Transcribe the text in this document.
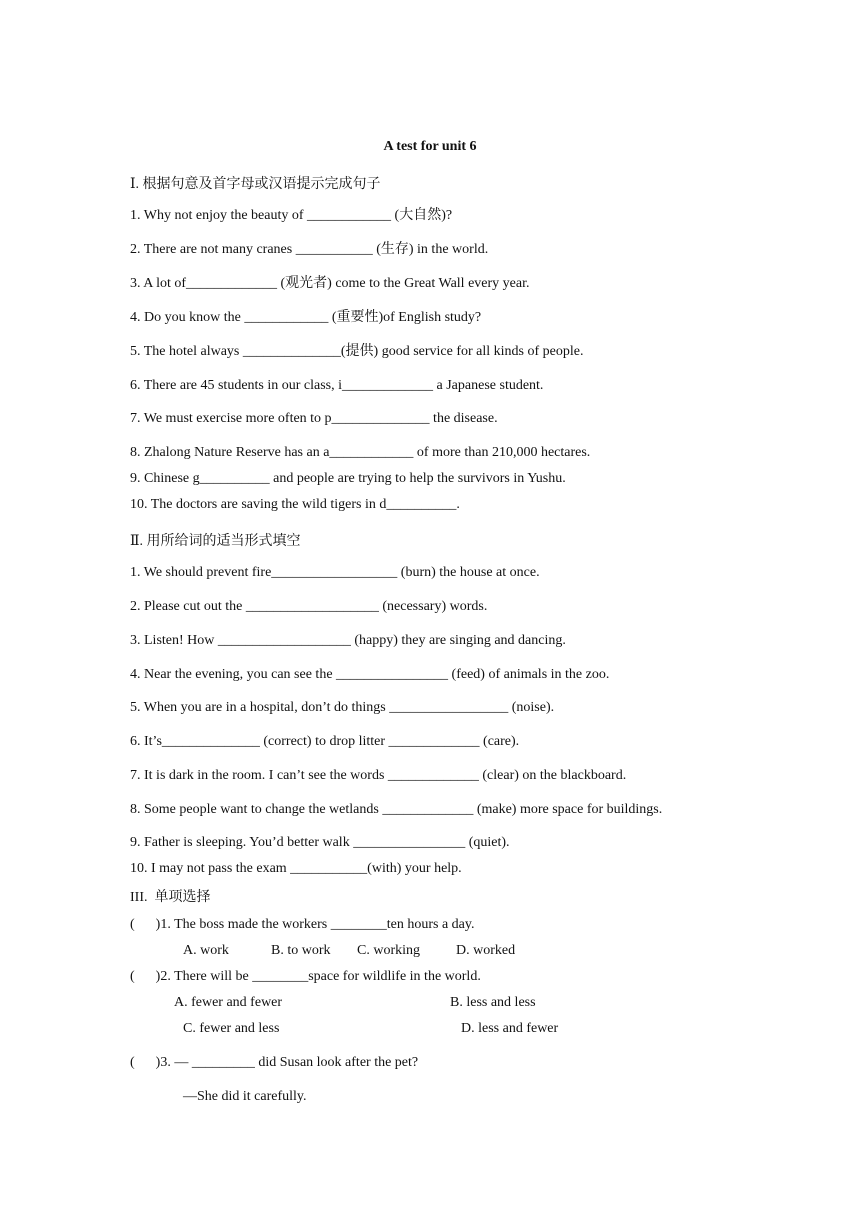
A test for unit 6
Ⅰ. 根据句意及首字母或汉语提示完成句子
1. Why not enjoy the beauty of ____________ (大自然)?
2. There are not many cranes ___________ (生存) in the world.
3. A lot of_____________ (观光者) come to the Great Wall every year.
4. Do you know the ____________ (重要性)of English study?
5. The hotel always ______________(提供) good service for all kinds of people.
6. There are 45 students in our class, i_____________ a Japanese student.
7. We must exercise more often to p______________ the disease.
8. Zhalong Nature Reserve has an a____________ of more than 210,000 hectares.
9. Chinese g__________ and people are trying to help the survivors in Yushu.
10. The doctors are saving the wild tigers in d__________.
Ⅱ. 用所给词的适当形式填空
1. We should prevent fire__________________ (burn) the house at once.
2. Please cut out the ___________________ (necessary) words.
3. Listen! How ___________________ (happy) they are singing and dancing.
4. Near the evening, you can see the ________________ (feed) of animals in the zoo.
5. When you are in a hospital, don’t do things _________________ (noise).
6. It’s______________ (correct) to drop litter _____________ (care).
7. It is dark in the room. I can’t see the words _____________ (clear) on the blackboard.
8. Some people want to change the wetlands _____________ (make) more space for buildings.
9. Father is sleeping. You’d better walk ________________ (quiet).
10. I may not pass the exam ___________(with) your help.
III.  单项选择
(      )1. The boss made the workers ________ten hours a day.
A. work	B. to work C. working	D. worked
(      )2. There will be ________space for wildlife in the world.
A. fewer and fewer	B. less and less
C. fewer and less	D. less and fewer
(      )3. — _________ did Susan look after the pet?
—She did it carefully.
